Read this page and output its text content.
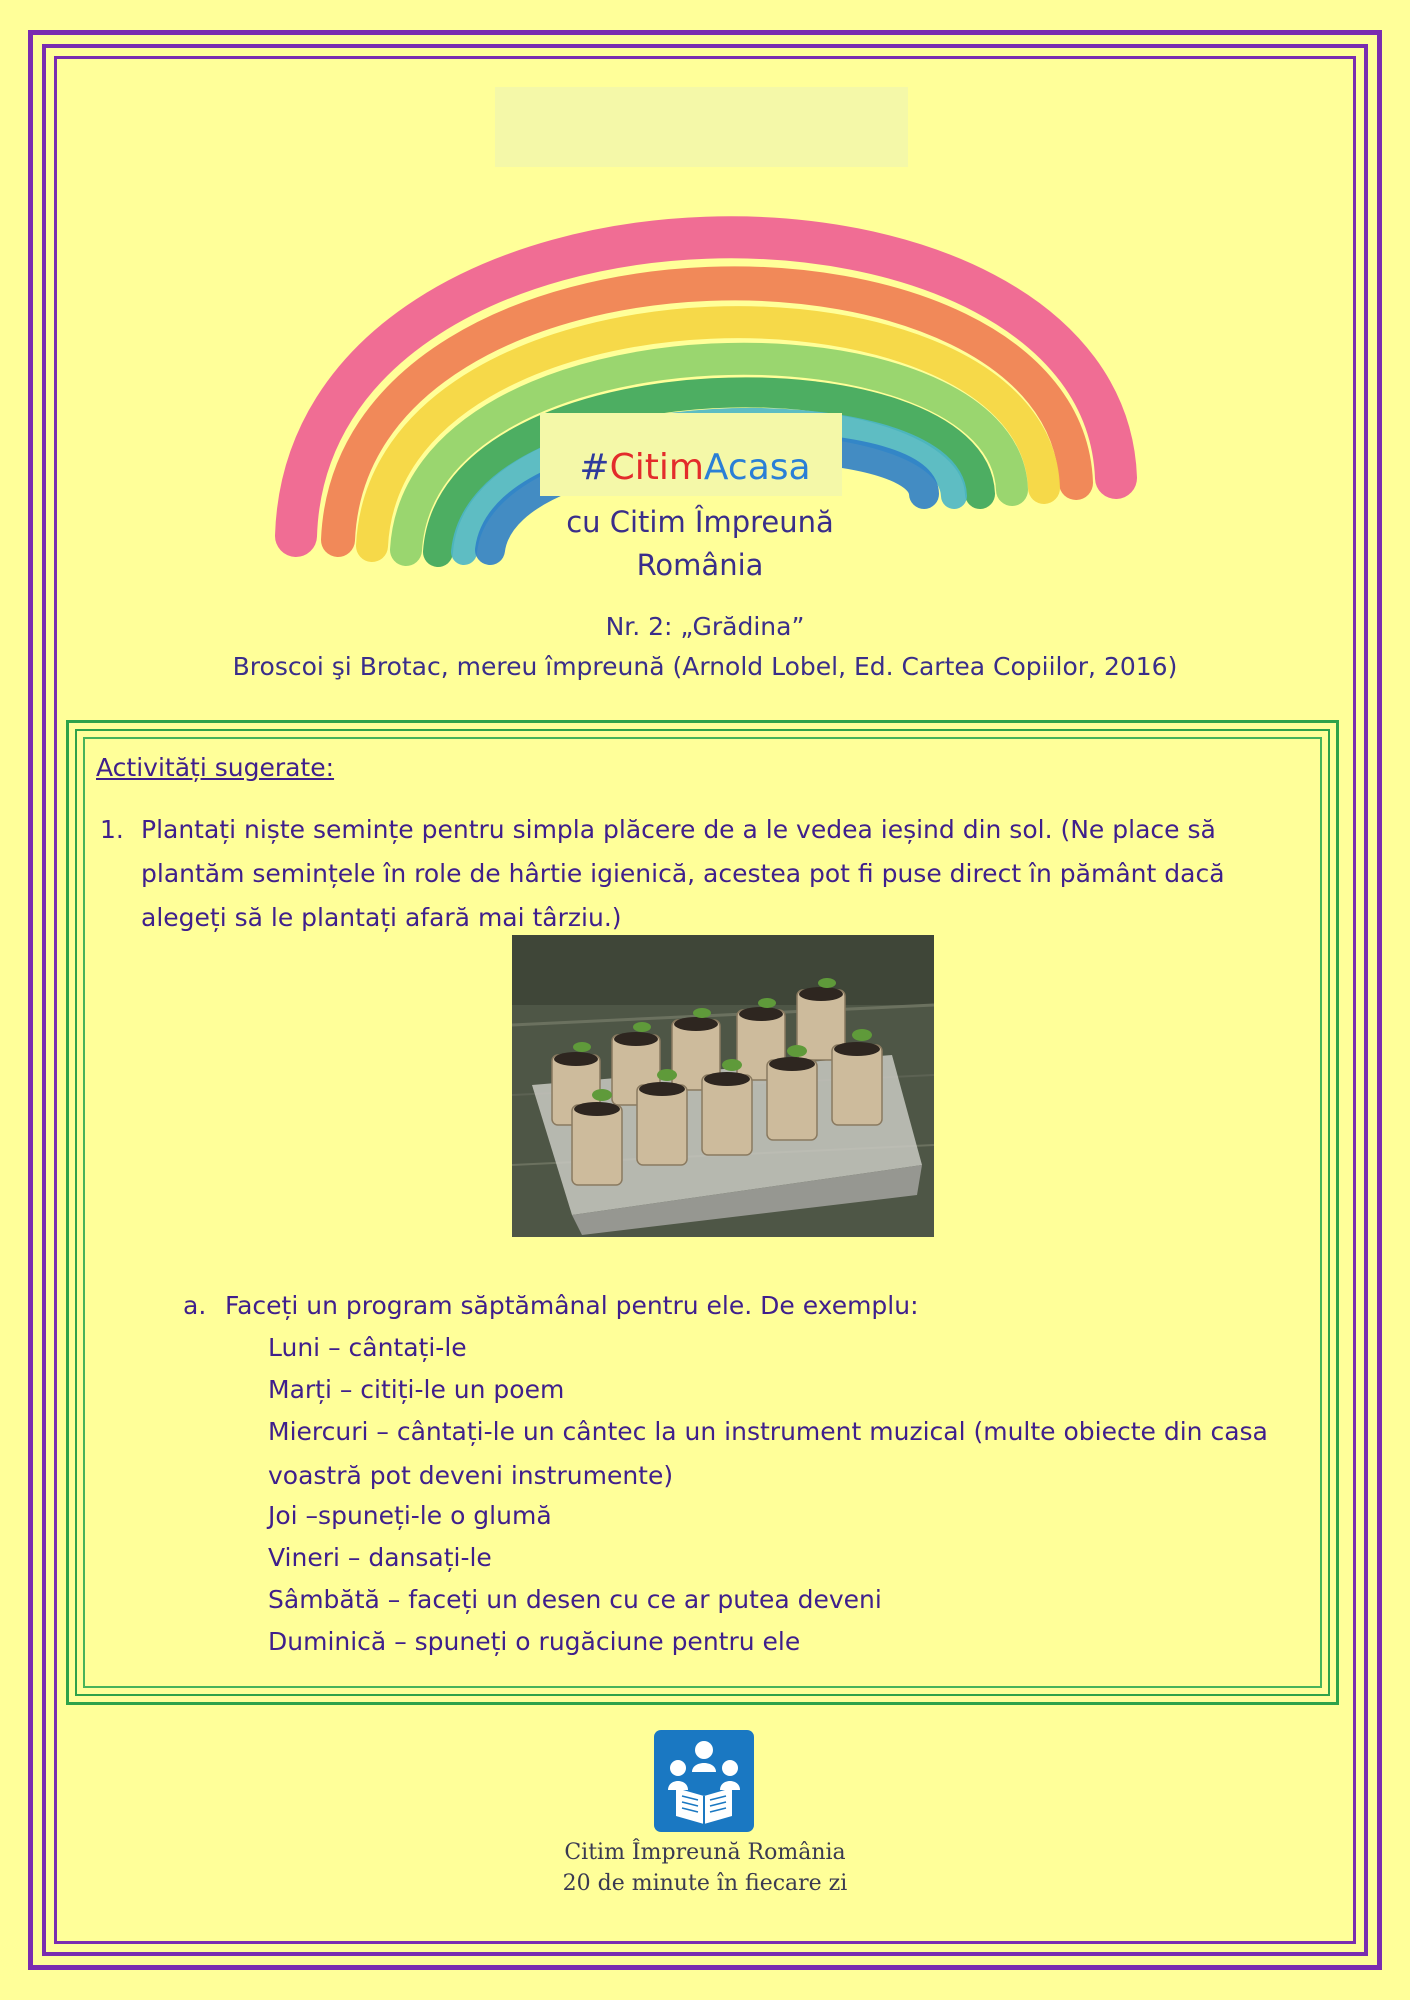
#CitimAcasa
cu Citim Împreună
România
Nr. 2: „Grădina”
Broscoi şi Brotac, mereu împreună (Arnold Lobel, Ed. Cartea Copiilor, 2016)
Activități sugerate:
1. Plantați niște semințe pentru simpla plăcere de a le vedea ieșind din sol. (Ne place să plantăm semințele în role de hârtie igienică, acestea pot fi puse direct în pământ dacă alegeți să le plantați afară mai târziu.)
a. Faceți un program săptămânal pentru ele. De exemplu:
Luni – cântați-le
Marți – citiți-le un poem
Miercuri – cântați-le un cântec la un instrument muzical (multe obiecte din casa voastră pot deveni instrumente)
Joi –spuneți-le o glumă
Vineri – dansați-le
Sâmbătă – faceți un desen cu ce ar putea deveni
Duminică – spuneți o rugăciune pentru ele
Citim Împreună România
20 de minute în fiecare zi
